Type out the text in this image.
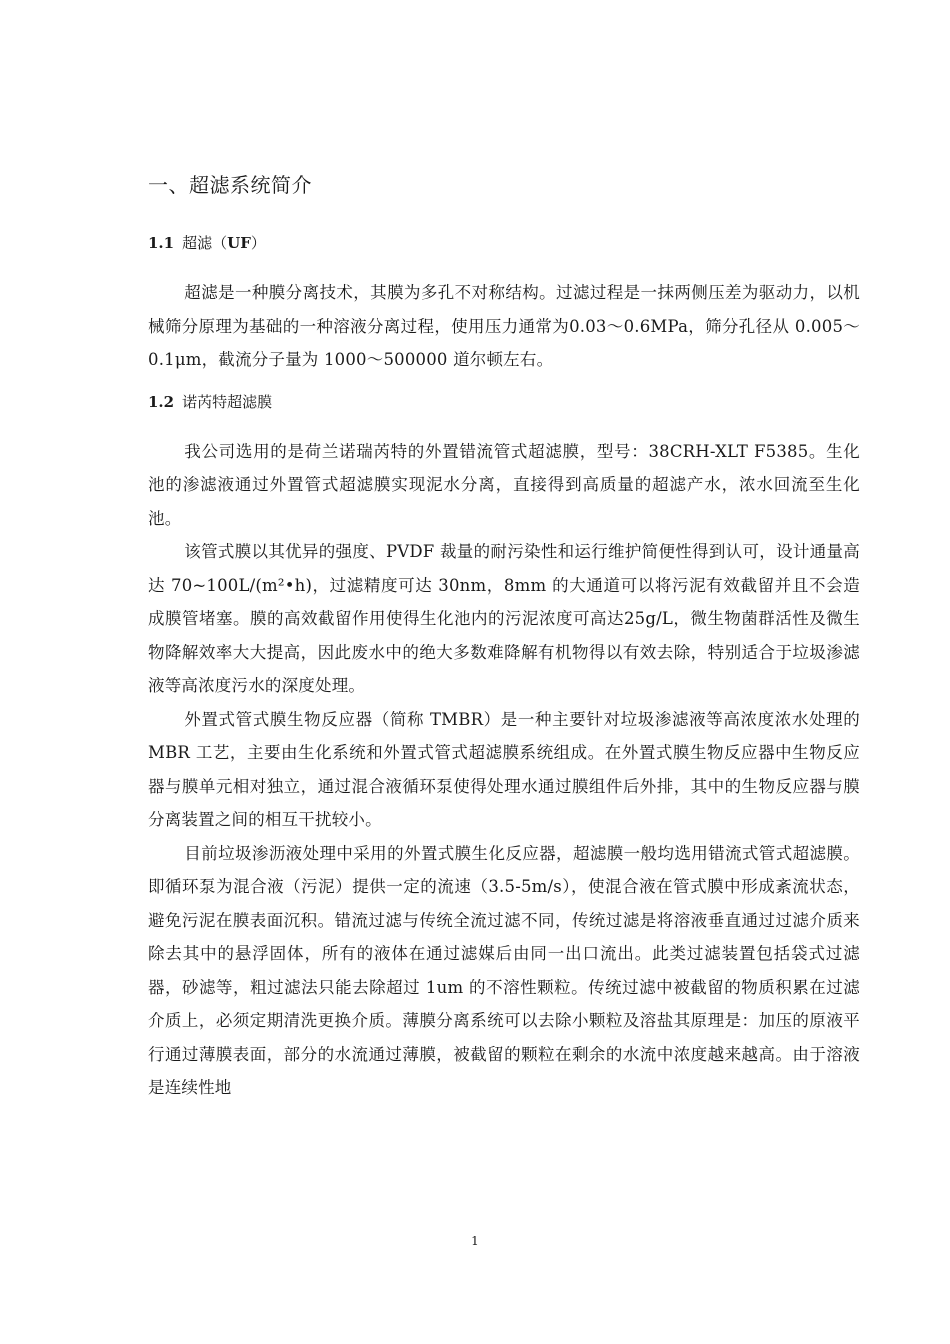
一、超滤系统简介
1.1 超滤（UF）

超滤是一种膜分离技术，其膜为多孔不对称结构。过滤过程是一抹两侧压差为驱动力，以机械筛分原理为基础的一种溶液分离过程，使用压力通常为0.03～0.6MPa，筛分孔径从 0.005～0.1μm，截流分子量为 1000～500000 道尔顿左右。

1.2 诺芮特超滤膜

我公司选用的是荷兰诺瑞芮特的外置错流管式超滤膜，型号：38CRH-XLT F5385。生化池的渗滤液通过外置管式超滤膜实现泥水分离，直接得到高质量的超滤产水，浓水回流至生化池。

该管式膜以其优异的强度、PVDF 裁量的耐污染性和运行维护简便性得到认可，设计通量高达 70~100L/(m²•h)，过滤精度可达 30nm，8mm 的大通道可以将污泥有效截留并且不会造成膜管堵塞。膜的高效截留作用使得生化池内的污泥浓度可高达25g/L，微生物菌群活性及微生物降解效率大大提高，因此废水中的绝大多数难降解有机物得以有效去除，特别适合于垃圾渗滤液等高浓度污水的深度处理。

外置式管式膜生物反应器（简称 TMBR）是一种主要针对垃圾渗滤液等高浓度浓水处理的 MBR 工艺，主要由生化系统和外置式管式超滤膜系统组成。在外置式膜生物反应器中生物反应器与膜单元相对独立，通过混合液循环泵使得处理水通过膜组件后外排，其中的生物反应器与膜分离装置之间的相互干扰较小。

目前垃圾渗沥液处理中采用的外置式膜生化反应器，超滤膜一般均选用错流式管式超滤膜。即循环泵为混合液（污泥）提供一定的流速（3.5-5m/s），使混合液在管式膜中形成紊流状态，避免污泥在膜表面沉积。错流过滤与传统全流过滤不同，传统过滤是将溶液垂直通过过滤介质来除去其中的悬浮固体，所有的液体在通过滤媒后由同一出口流出。此类过滤装置包括袋式过滤器，砂滤等，粗过滤法只能去除超过 1um 的不溶性颗粒。传统过滤中被截留的物质积累在过滤介质上，必须定期清洗更换介质。薄膜分离系统可以去除小颗粒及溶盐其原理是：加压的原液平行通过薄膜表面，部分的水流通过薄膜，被截留的颗粒在剩余的水流中浓度越来越高。由于溶液是连续性地

1
